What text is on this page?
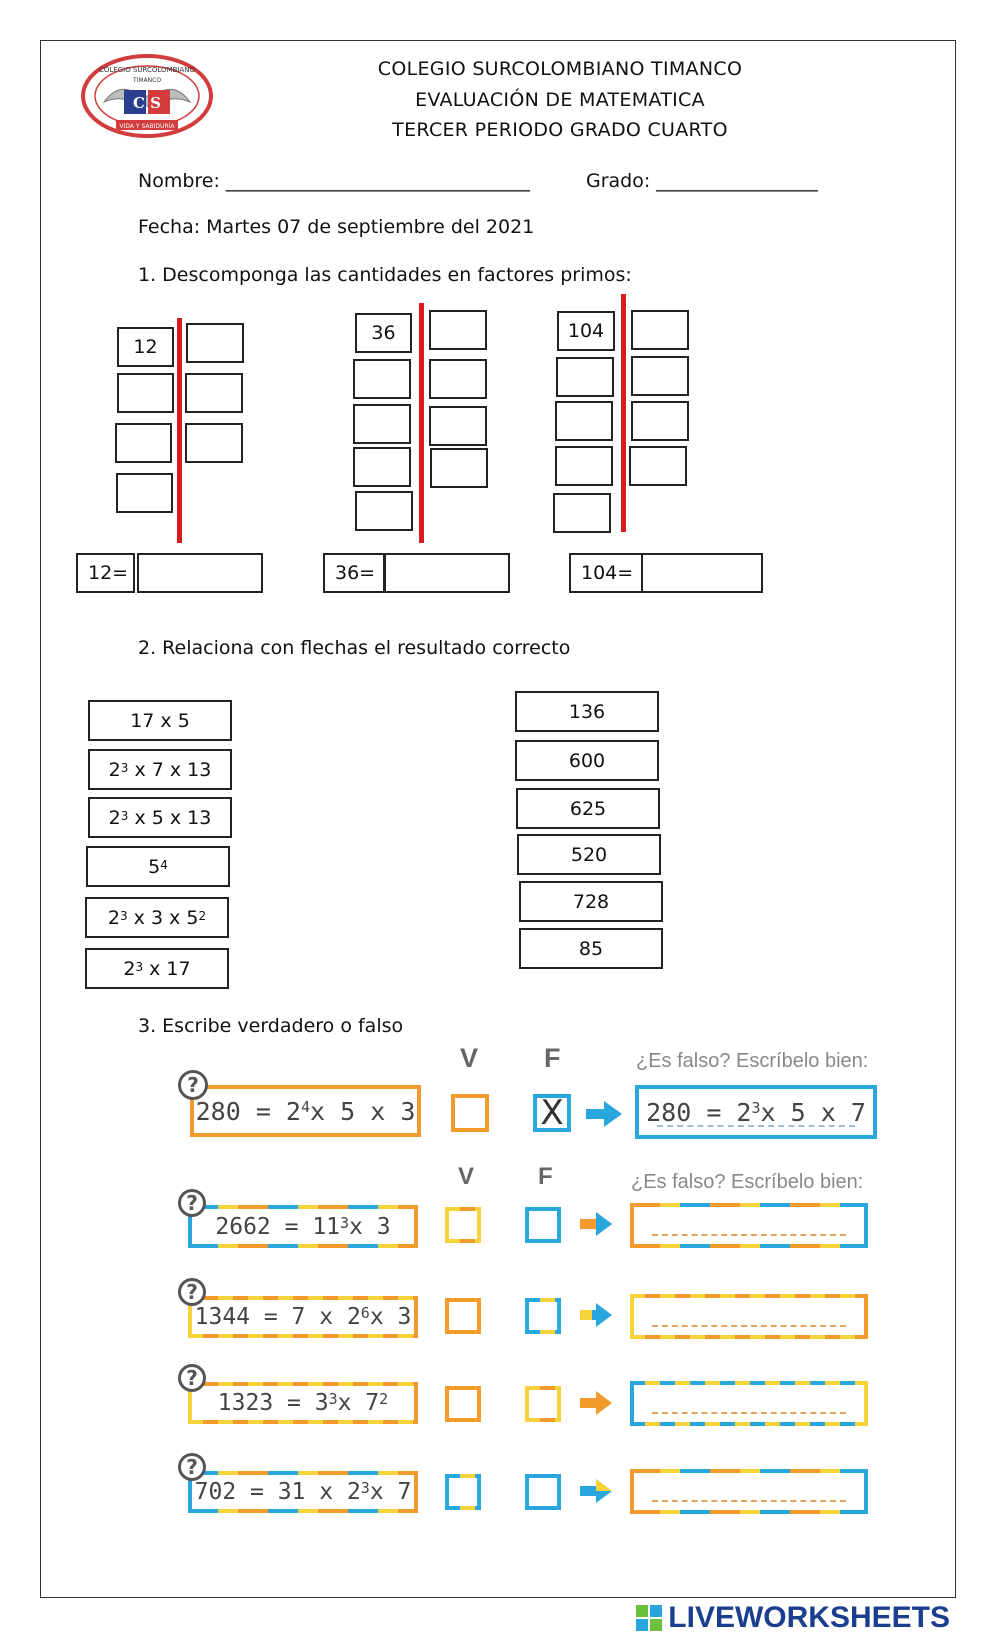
C S
COLEGIO SURCOLOMBIANO
TIMANCO
VIDA Y SABIDURÍA
COLEGIO SURCOLOMBIANO TIMANCO
EVALUACIÓN DE MATEMATICA
TERCER PERIODO GRADO CUARTO
Nombre: ________________________________	Grado: _________________
Fecha: Martes 07 de septiembre del 2021
1. Descomponga las cantidades en factores primos:
12
36	104
12=	36=	104=
2. Relaciona con flechas el resultado correcto
17 x 5
$2^3$ x 7 x 13
$2^3$ x 5 x 13
$5^4$
$2^3$ x 3 x $5^2$
$2^3$ x 17
136
600
625
520
728
85
3. Escribe verdadero o falso
V F	¿Es falso? Escríbelo bien:
$280 = 2^4$ x 5 x 3
?
X	$280 = 2^3$ x 5 x 7
V	F	¿Es falso? Escríbelo bien:
$2662 = 11^3$ x 3
?
1344 = 7 x $2^6$ x 3
?
$1323 = 3^3$ x $7^2$
?
702 = 31 x $2^3$ x 7
?
LIVEWORKSHEETS
